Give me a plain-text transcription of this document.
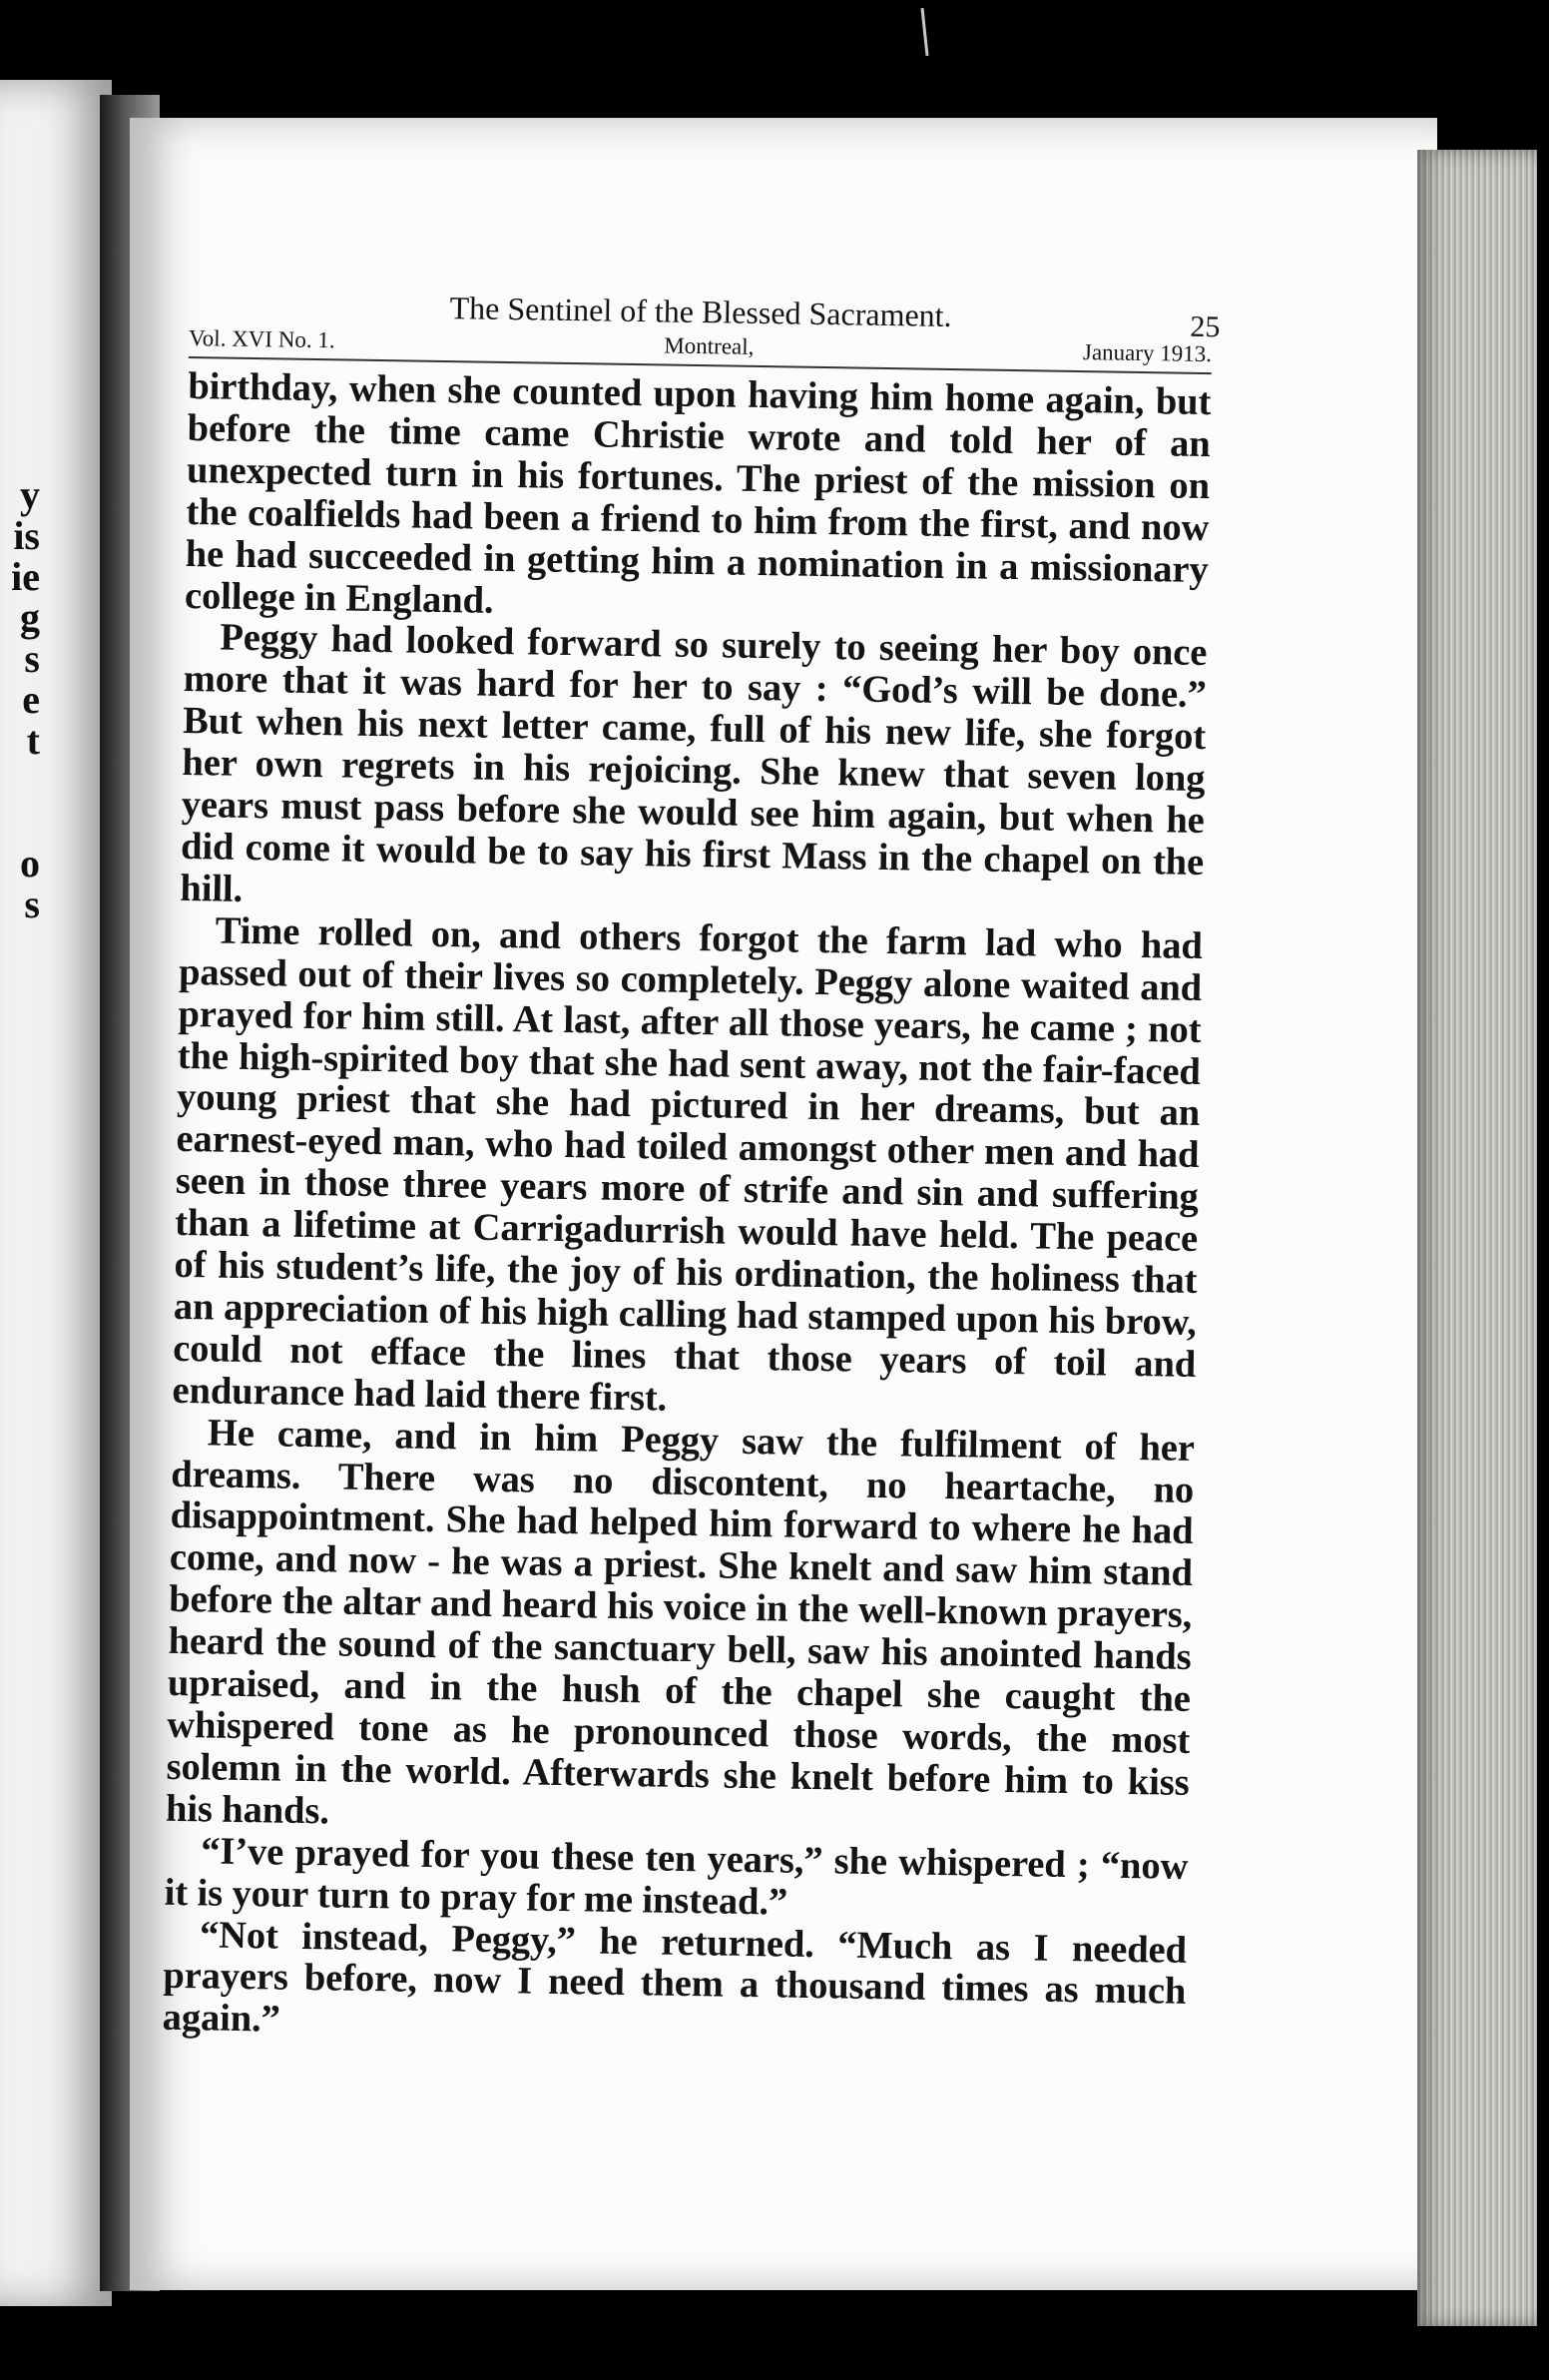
y
is
ie
g
s
e
t
o
s
The Sentinel of the Blessed Sacrament.	25
Vol. XVI No. 1.	Montreal,	January 1913.

birthday, when she counted upon having him home again, but before the time came Christie wrote and told her of an unexpected turn in his fortunes. The priest of the mission on the coalfields had been a friend to him from the first, and now he had succeeded in getting him a nomination in a missionary college in England.

Peggy had looked forward so surely to seeing her boy once more that it was hard for her to say : “God’s will be done.” But when his next letter came, full of his new life, she forgot her own regrets in his rejoicing. She knew that seven long years must pass before she would see him again, but when he did come it would be to say his first Mass in the chapel on the hill.

Time rolled on, and others forgot the farm lad who had passed out of their lives so completely. Peggy alone waited and prayed for him still. At last, after all those years, he came ; not the high-spirited boy that she had sent away, not the fair-faced young priest that she had pictured in her dreams, but an earnest-eyed man, who had toiled amongst other men and had seen in those three years more of strife and sin and suffering than a lifetime at Carrigadurrish would have held. The peace of his student’s life, the joy of his ordination, the holiness that an appreciation of his high calling had stamped upon his brow, could not efface the lines that those years of toil and endurance had laid there first.

He came, and in him Peggy saw the fulfilment of her dreams. There was no discontent, no heartache, no disappointment. She had helped him forward to where he had come, and now - he was a priest. She knelt and saw him stand before the altar and heard his voice in the well-known prayers, heard the sound of the sanctuary bell, saw his anointed hands upraised, and in the hush of the chapel she caught the whispered tone as he pronounced those words, the most solemn in the world. Afterwards she knelt before him to kiss his hands.

“I’ve prayed for you these ten years,” she whispered ; “now it is your turn to pray for me instead.”

“Not instead, Peggy,” he returned. “Much as I needed prayers before, now I need them a thousand times as much again.”
